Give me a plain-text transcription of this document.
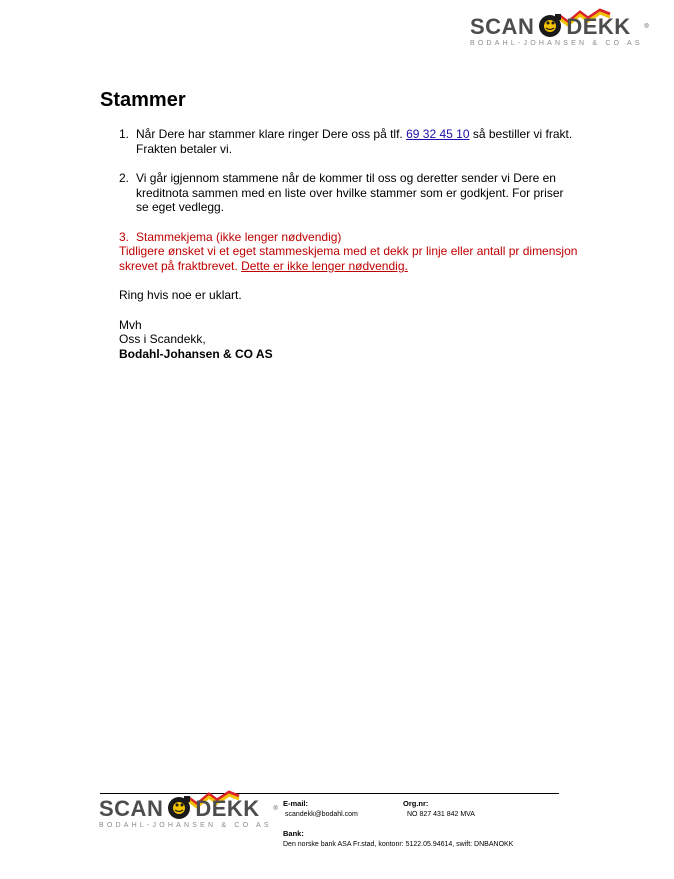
SCAN DEKK ®
BODAHL-JOHANSEN & CO AS
Stammer
1. Når Dere har stammer klare ringer Dere oss på tlf. 69 32 45 10 så bestiller vi frakt. Frakten betaler vi.
2. Vi går igjennom stammene når de kommer til oss og deretter sender vi Dere en kreditnota sammen med en liste over hvilke stammer som er godkjent. For priser se eget vedlegg.
3. Stammekjema (ikke lenger nødvendig)
Tidligere ønsket vi et eget stammeskjema med et dekk pr linje eller antall pr dimensjon skrevet på fraktbrevet. Dette er ikke lenger nødvendig.
Ring hvis noe er uklart.
Mvh
Oss i Scandekk,
Bodahl-Johansen & CO AS
SCAN DEKK ®
BODAHL-JOHANSEN & CO AS
E-mail:
scandekk@bodahl.com
Org.nr:
NO 827 431 842 MVA
Bank:
Den norske bank ASA Fr.stad, kontonr: 5122.05.94614, swift: DNBANOKK
